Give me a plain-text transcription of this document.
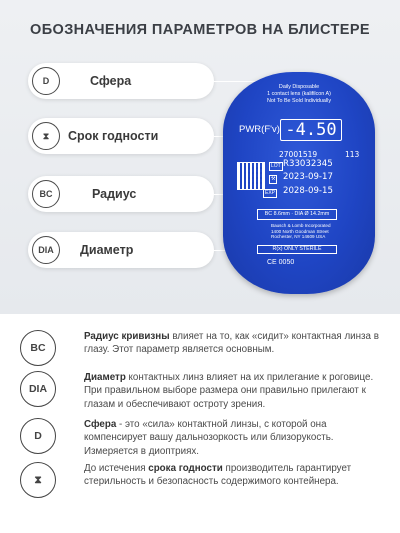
ОБОЗНАЧЕНИЯ ПАРАМЕТРОВ НА БЛИСТЕРЕ
D	Сфера
⧗	Срок годности
BC	Радиус
DIA	Диаметр
Daily Disposable
1 contact lens (kalifilcon A)
Not To Be Sold Individually
PWR(F'v) -4.50
27001519	113
LOT R33032345
⚒ 2023-09-17
EXP 2028-09-15
BC 8.6mm · DIA Ø 14.2mm
Bausch & Lomb Incorporated
1400 North Goodman Street
Rochester, NY 14609 USA
R(x) ONLY STERILE
CE 0050
BC
Радиус кривизны влияет на то, как «сидит» контактная линза в глазу. Этот параметр является основным.
DIA
Диаметр контактных линз влияет на их прилегание к роговице. При правильном выборе размера они правильно прилегают к глазам и обеспечивают остроту зрения.
D
Сфера - это «сила» контактной линзы, с которой она компенсирует вашу дальнозоркость или близорукость. Измеряется в диоптриях.
⧗
До истечения срока годности производитель гарантирует стерильность и безопасность содержимого контейнера.
